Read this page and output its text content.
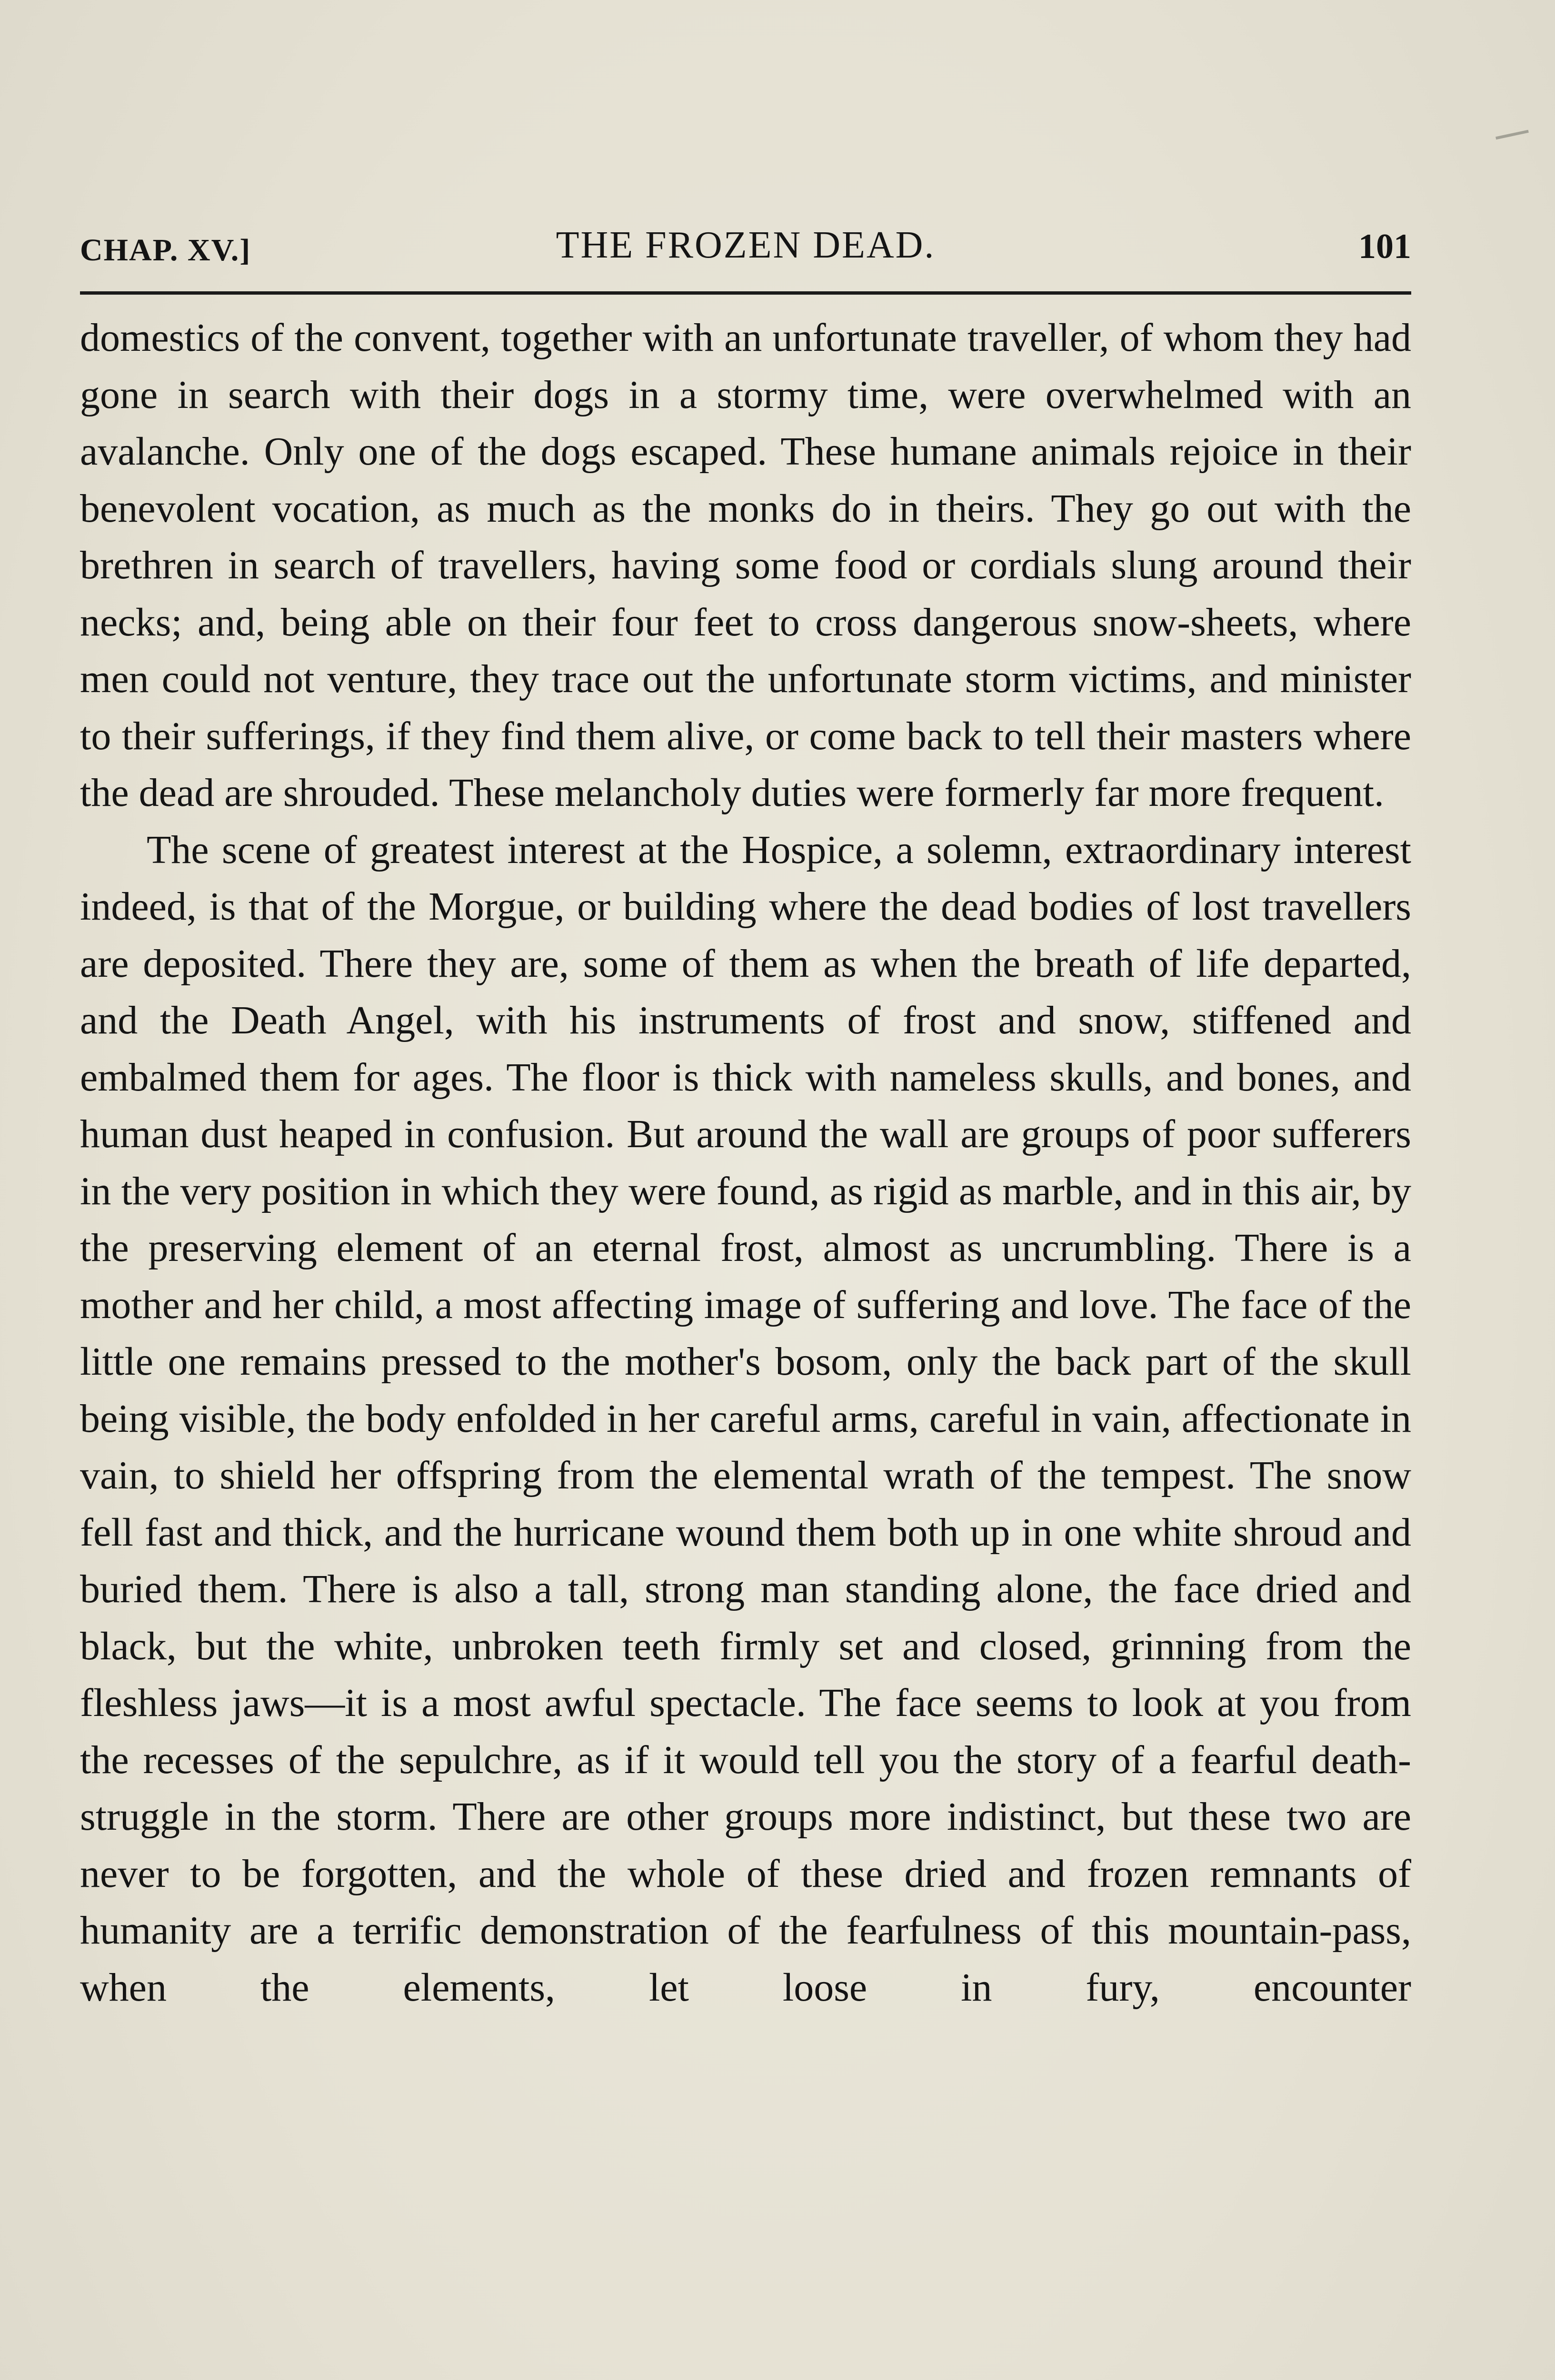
CHAP. XV.]	THE FROZEN DEAD.	101

domestics of the convent, together with an unfortunate traveller, of whom they had gone in search with their dogs in a stormy time, were overwhelmed with an avalanche. Only one of the dogs escaped. These humane animals rejoice in their benevolent vocation, as much as the monks do in theirs. They go out with the brethren in search of travellers, having some food or cordials slung around their necks; and, being able on their four feet to cross dangerous snow-sheets, where men could not venture, they trace out the unfortunate storm victims, and minister to their sufferings, if they find them alive, or come back to tell their masters where the dead are shrouded. These melancholy duties were formerly far more frequent.

The scene of greatest interest at the Hospice, a solemn, extraordinary interest indeed, is that of the Morgue, or building where the dead bodies of lost travellers are deposited. There they are, some of them as when the breath of life departed, and the Death Angel, with his instruments of frost and snow, stiffened and embalmed them for ages. The floor is thick with nameless skulls, and bones, and human dust heaped in confusion. But around the wall are groups of poor sufferers in the very position in which they were found, as rigid as marble, and in this air, by the preserving element of an eternal frost, almost as uncrumbling. There is a mother and her child, a most affecting image of suffering and love. The face of the little one remains pressed to the mother's bosom, only the back part of the skull being visible, the body enfolded in her careful arms, careful in vain, affectionate in vain, to shield her offspring from the elemental wrath of the tempest. The snow fell fast and thick, and the hurricane wound them both up in one white shroud and buried them. There is also a tall, strong man standing alone, the face dried and black, but the white, unbroken teeth firmly set and closed, grinning from the fleshless jaws—it is a most awful spectacle. The face seems to look at you from the recesses of the sepulchre, as if it would tell you the story of a fearful death-struggle in the storm. There are other groups more indistinct, but these two are never to be forgotten, and the whole of these dried and frozen remnants of humanity are a terrific demonstration of the fearfulness of this mountain-pass, when the elements, let loose in fury, encounter
